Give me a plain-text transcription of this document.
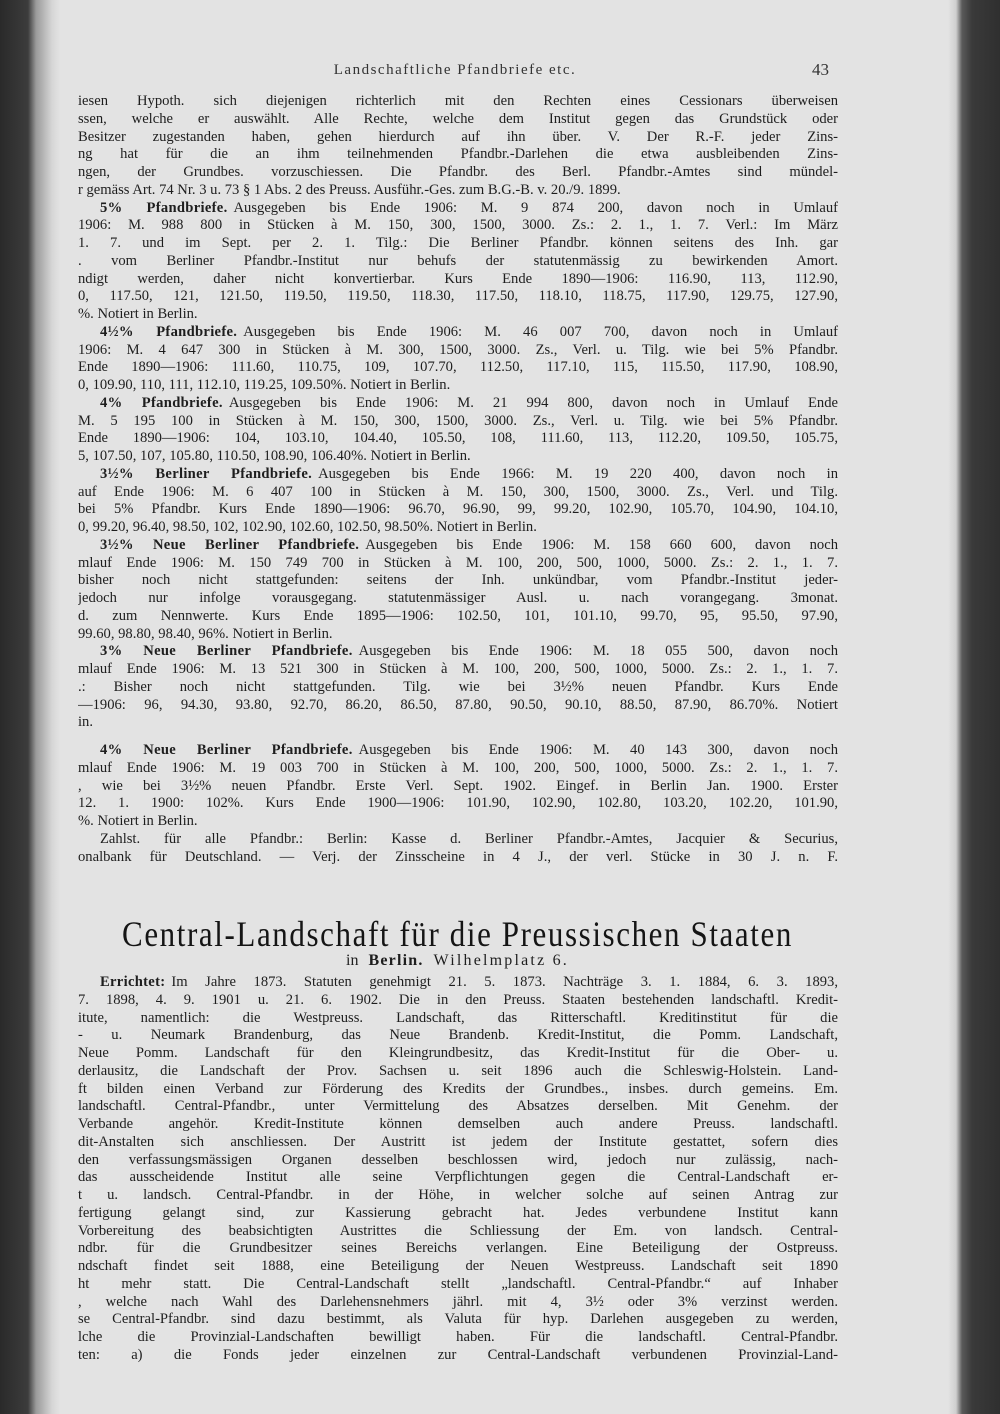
Landschaftliche Pfandbriefe etc.	43
iesen Hypoth. sich diejenigen richterlich mit den Rechten eines Cessionars überweisen
ssen, welche er auswählt. Alle Rechte, welche dem Institut gegen das Grundstück oder
Besitzer zugestanden haben, gehen hierdurch auf ihn über. V. Der R.-F. jeder Zins-
ng hat für die an ihm teilnehmenden Pfandbr.-Darlehen die etwa ausbleibenden Zins-
ngen, der Grundbes. vorzuschiessen. Die Pfandbr. des Berl. Pfandbr.-Amtes sind mündel-
r gemäss Art. 74 Nr. 3 u. 73 § 1 Abs. 2 des Preuss. Ausführ.-Ges. zum B.G.-B. v. 20./9. 1899.
5% Pfandbriefe. Ausgegeben bis Ende 1906: M. 9 874 200, davon noch in Umlauf
1906: M. 988 800 in Stücken à M. 150, 300, 1500, 3000. Zs.: 2. 1., 1. 7. Verl.: Im März
1. 7. und im Sept. per 2. 1. Tilg.: Die Berliner Pfandbr. können seitens des Inh. gar
. vom Berliner Pfandbr.-Institut nur behufs der statutenmässig zu bewirkenden Amort.
ndigt werden, daher nicht konvertierbar. Kurs Ende 1890—1906: 116.90, 113, 112.90,
0, 117.50, 121, 121.50, 119.50, 119.50, 118.30, 117.50, 118.10, 118.75, 117.90, 129.75, 127.90,
%. Notiert in Berlin.
4½% Pfandbriefe. Ausgegeben bis Ende 1906: M. 46 007 700, davon noch in Umlauf
1906: M. 4 647 300 in Stücken à M. 300, 1500, 3000. Zs., Verl. u. Tilg. wie bei 5% Pfandbr.
Ende 1890—1906: 111.60, 110.75, 109, 107.70, 112.50, 117.10, 115, 115.50, 117.90, 108.90,
0, 109.90, 110, 111, 112.10, 119.25, 109.50%. Notiert in Berlin.
4% Pfandbriefe. Ausgegeben bis Ende 1906: M. 21 994 800, davon noch in Umlauf Ende
M. 5 195 100 in Stücken à M. 150, 300, 1500, 3000. Zs., Verl. u. Tilg. wie bei 5% Pfandbr.
Ende 1890—1906: 104, 103.10, 104.40, 105.50, 108, 111.60, 113, 112.20, 109.50, 105.75,
5, 107.50, 107, 105.80, 110.50, 108.90, 106.40%. Notiert in Berlin.
3½% Berliner Pfandbriefe. Ausgegeben bis Ende 1966: M. 19 220 400, davon noch in
auf Ende 1906: M. 6 407 100 in Stücken à M. 150, 300, 1500, 3000. Zs., Verl. und Tilg.
bei 5% Pfandbr. Kurs Ende 1890—1906: 96.70, 96.90, 99, 99.20, 102.90, 105.70, 104.90, 104.10,
0, 99.20, 96.40, 98.50, 102, 102.90, 102.60, 102.50, 98.50%. Notiert in Berlin.
3½% Neue Berliner Pfandbriefe. Ausgegeben bis Ende 1906: M. 158 660 600, davon noch
mlauf Ende 1906: M. 150 749 700 in Stücken à M. 100, 200, 500, 1000, 5000. Zs.: 2. 1., 1. 7.
bisher noch nicht stattgefunden: seitens der Inh. unkündbar, vom Pfandbr.-Institut jeder-
jedoch nur infolge vorausgegang. statutenmässiger Ausl. u. nach vorangegang. 3monat.
d. zum Nennwerte. Kurs Ende 1895—1906: 102.50, 101, 101.10, 99.70, 95, 95.50, 97.90,
99.60, 98.80, 98.40, 96%. Notiert in Berlin.
3% Neue Berliner Pfandbriefe. Ausgegeben bis Ende 1906: M. 18 055 500, davon noch
mlauf Ende 1906: M. 13 521 300 in Stücken à M. 100, 200, 500, 1000, 5000. Zs.: 2. 1., 1. 7.
.: Bisher noch nicht stattgefunden. Tilg. wie bei 3½% neuen Pfandbr. Kurs Ende
—1906: 96, 94.30, 93.80, 92.70, 86.20, 86.50, 87.80, 90.50, 90.10, 88.50, 87.90, 86.70%. Notiert
in.
4% Neue Berliner Pfandbriefe. Ausgegeben bis Ende 1906: M. 40 143 300, davon noch
mlauf Ende 1906: M. 19 003 700 in Stücken à M. 100, 200, 500, 1000, 5000. Zs.: 2. 1., 1. 7.
, wie bei 3½% neuen Pfandbr. Erste Verl. Sept. 1902. Eingef. in Berlin Jan. 1900. Erster
12. 1. 1900: 102%. Kurs Ende 1900—1906: 101.90, 102.90, 102.80, 103.20, 102.20, 101.90,
%. Notiert in Berlin.
Zahlst. für alle Pfandbr.: Berlin: Kasse d. Berliner Pfandbr.-Amtes, Jacquier & Securius,
onalbank für Deutschland. — Verj. der Zinsscheine in 4 J., der verl. Stücke in 30 J. n. F.
Central-Landschaft für die Preussischen Staaten
in Berlin. Wilhelmplatz 6.
Errichtet: Im Jahre 1873. Statuten genehmigt 21. 5. 1873. Nachträge 3. 1. 1884, 6. 3. 1893,
7. 1898, 4. 9. 1901 u. 21. 6. 1902. Die in den Preuss. Staaten bestehenden landschaftl. Kredit-
itute, namentlich: die Westpreuss. Landschaft, das Ritterschaftl. Kreditinstitut für die
- u. Neumark Brandenburg, das Neue Brandenb. Kredit-Institut, die Pomm. Landschaft,
Neue Pomm. Landschaft für den Kleingrundbesitz, das Kredit-Institut für die Ober- u.
derlausitz, die Landschaft der Prov. Sachsen u. seit 1896 auch die Schleswig-Holstein. Land-
ft bilden einen Verband zur Förderung des Kredits der Grundbes., insbes. durch gemeins. Em.
landschaftl. Central-Pfandbr., unter Vermittelung des Absatzes derselben. Mit Genehm. der
Verbande angehör. Kredit-Institute können demselben auch andere Preuss. landschaftl.
dit-Anstalten sich anschliessen. Der Austritt ist jedem der Institute gestattet, sofern dies
den verfassungsmässigen Organen desselben beschlossen wird, jedoch nur zulässig, nach-
das ausscheidende Institut alle seine Verpflichtungen gegen die Central-Landschaft er-
t u. landsch. Central-Pfandbr. in der Höhe, in welcher solche auf seinen Antrag zur
fertigung gelangt sind, zur Kassierung gebracht hat. Jedes verbundene Institut kann
Vorbereitung des beabsichtigten Austrittes die Schliessung der Em. von landsch. Central-
ndbr. für die Grundbesitzer seines Bereichs verlangen. Eine Beteiligung der Ostpreuss.
ndschaft findet seit 1888, eine Beteiligung der Neuen Westpreuss. Landschaft seit 1890
ht mehr statt. Die Central-Landschaft stellt „landschaftl. Central-Pfandbr.“ auf Inhaber
, welche nach Wahl des Darlehensnehmers jährl. mit 4, 3½ oder 3% verzinst werden.
se Central-Pfandbr. sind dazu bestimmt, als Valuta für hyp. Darlehen ausgegeben zu werden,
lche die Provinzial-Landschaften bewilligt haben. Für die landschaftl. Central-Pfandbr.
ten: a) die Fonds jeder einzelnen zur Central-Landschaft verbundenen Provinzial-Land-
